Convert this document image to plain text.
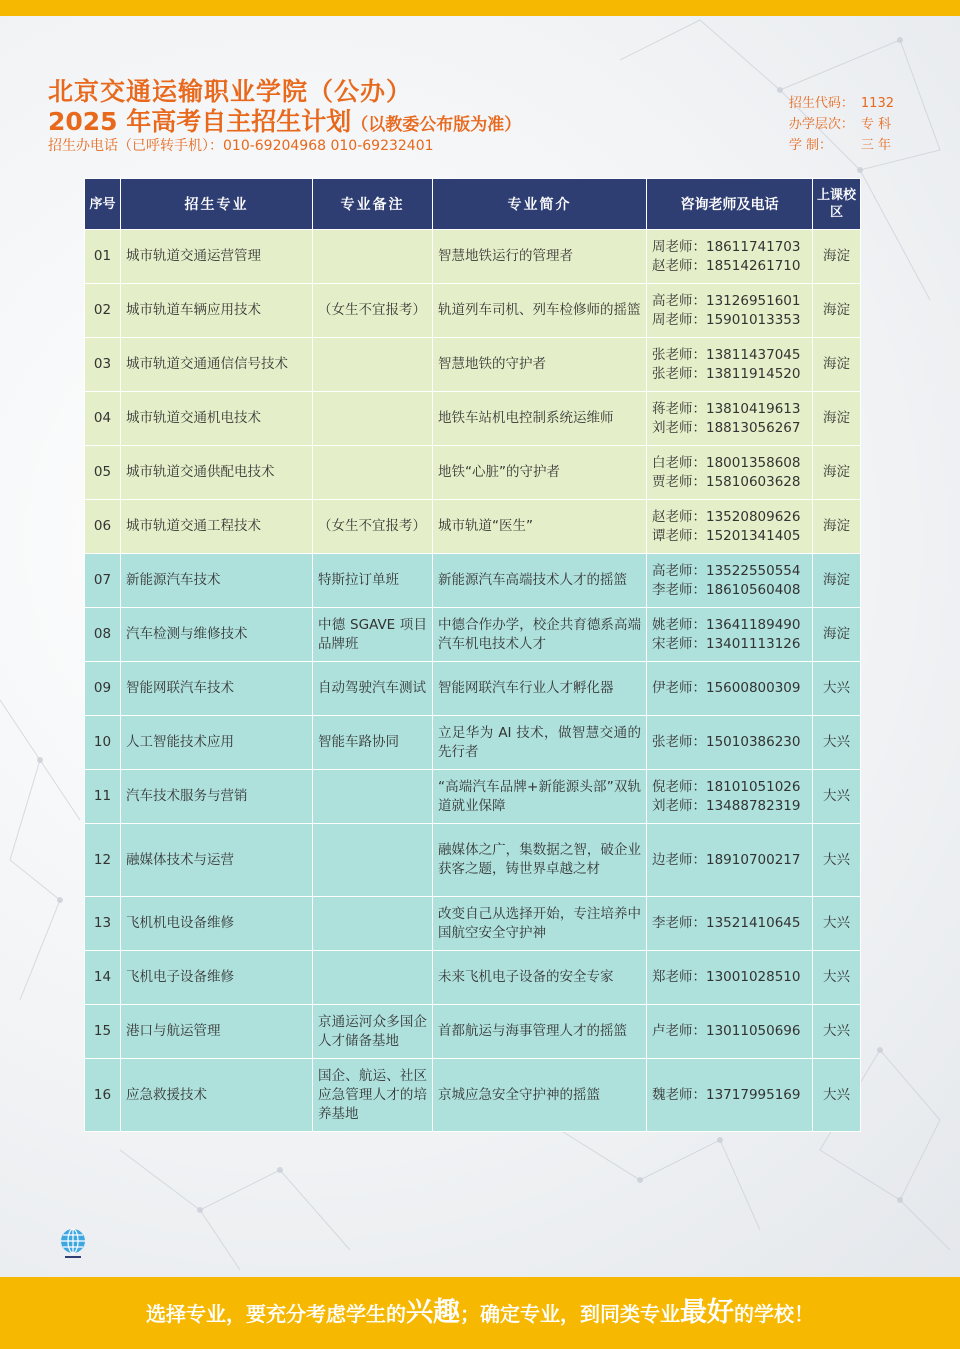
北京交通运输职业学院（公办）
2025 年高考自主招生计划（以教委公布版为准）
招生办电话（已呼转手机）：010-69204968 010-69232401
招生代码： 1132
办学层次： 专 科
学 制： 三 年
序号	招生专业	专业备注	专业简介	咨询老师及电话	上课校区
01	城市轨道交通运营管理		智慧地铁运行的管理者	周老师：18611741703
赵老师：18514261710	海淀
02	城市轨道车辆应用技术	（女生不宜报考）	轨道列车司机、列车检修师的摇篮	高老师：13126951601
周老师：15901013353	海淀
03	城市轨道交通通信信号技术		智慧地铁的守护者	张老师：13811437045
张老师：13811914520	海淀
04	城市轨道交通机电技术		地铁车站机电控制系统运维师	蒋老师：13810419613
刘老师：18813056267	海淀
05	城市轨道交通供配电技术		地铁“心脏”的守护者	白老师：18001358608
贾老师：15810603628	海淀
06	城市轨道交通工程技术	（女生不宜报考）	城市轨道“医生”	赵老师：13520809626
谭老师：15201341405	海淀
07	新能源汽车技术	特斯拉订单班	新能源汽车高端技术人才的摇篮	高老师：13522550554
李老师：18610560408	海淀
08	汽车检测与维修技术	中德 SGAVE 项目品牌班	中德合作办学，校企共育德系高端汽车机电技术人才	姚老师：13641189490
宋老师：13401113126	海淀
09	智能网联汽车技术	自动驾驶汽车测试	智能网联汽车行业人才孵化器	伊老师：15600800309	大兴
10	人工智能技术应用	智能车路协同	立足华为 AI 技术，做智慧交通的先行者	张老师：15010386230	大兴
11	汽车技术服务与营销		“高端汽车品牌+新能源头部”双轨道就业保障	倪老师：18101051026
刘老师：13488782319	大兴
12	融媒体技术与运营		融媒体之广，集数据之智，破企业获客之题，铸世界卓越之材	边老师：18910700217	大兴
13	飞机机电设备维修		改变自己从选择开始，专注培养中国航空安全守护神	李老师：13521410645	大兴
14	飞机电子设备维修		未来飞机电子设备的安全专家	郑老师：13001028510	大兴
15	港口与航运管理	京通运河众多国企人才储备基地	首都航运与海事管理人才的摇篮	卢老师：13011050696	大兴
16	应急救援技术	国企、航运、社区应急管理人才的培养基地	京城应急安全守护神的摇篮	魏老师：13717995169	大兴
选择专业，要充分考虑学生的兴趣；确定专业，到同类专业最好的学校！
